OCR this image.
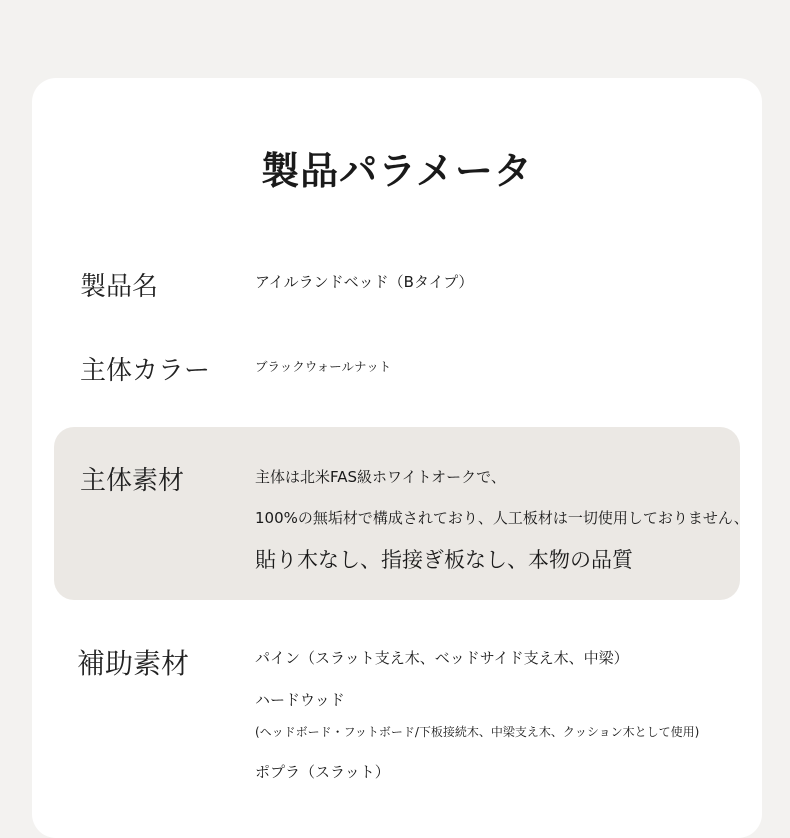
製品パラメータ

製品名	アイルランドベッド（Bタイプ）

主体カラー	ブラックウォールナット

主体素材	主体は北米FAS級ホワイトオークで、

100%の無垢材で構成されており、人工板材は一切使用しておりません、

貼り木なし、指接ぎ板なし、本物の品質

補助素材	パイン（スラット支え木、ベッドサイド支え木、中梁）

ハードウッド

(ヘッドボード・フットボード/下板接続木、中梁支え木、クッション木として使用)

ポプラ（スラット）
